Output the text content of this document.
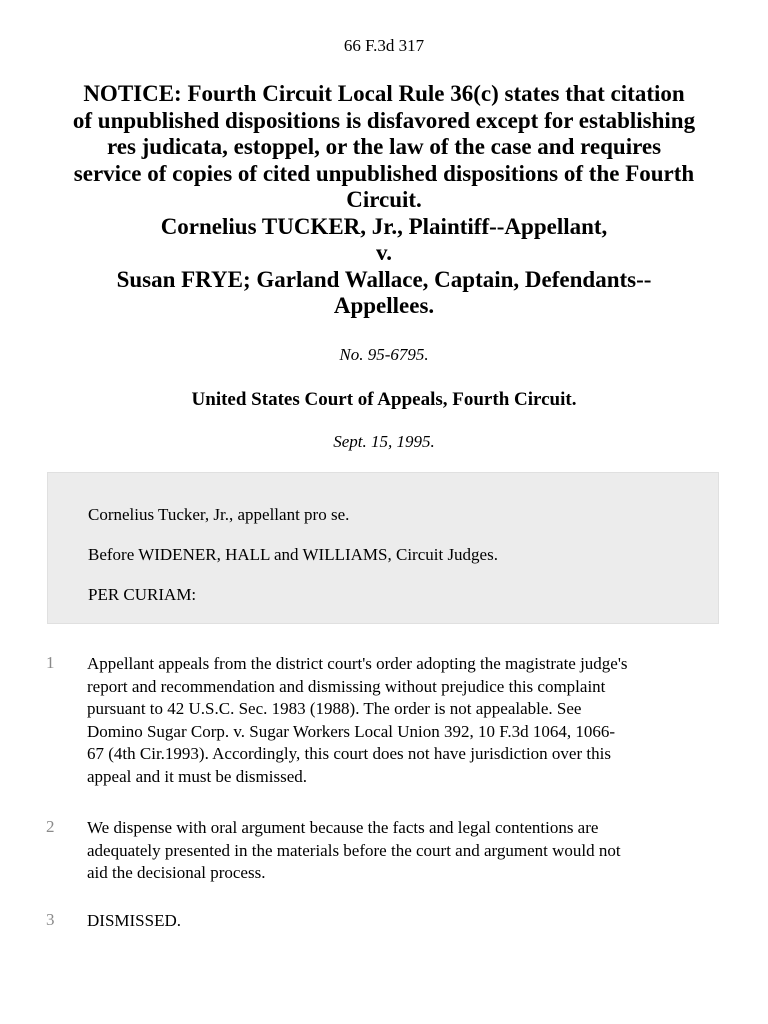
66 F.3d 317
NOTICE: Fourth Circuit Local Rule 36(c) states that citation
of unpublished dispositions is disfavored except for establishing
res judicata, estoppel, or the law of the case and requires
service of copies of cited unpublished dispositions of the Fourth
Circuit.
Cornelius TUCKER, Jr., Plaintiff--Appellant,
v.
Susan FRYE; Garland Wallace, Captain, Defendants--
Appellees.
No. 95-6795.
United States Court of Appeals, Fourth Circuit.
Sept. 15, 1995.
Cornelius Tucker, Jr., appellant pro se.
Before WIDENER, HALL and WILLIAMS, Circuit Judges.
PER CURIAM:
1 Appellant appeals from the district court's order adopting the magistrate judge's
report and recommendation and dismissing without prejudice this complaint
pursuant to 42 U.S.C. Sec. 1983 (1988). The order is not appealable. See
Domino Sugar Corp. v. Sugar Workers Local Union 392, 10 F.3d 1064, 1066-
67 (4th Cir.1993). Accordingly, this court does not have jurisdiction over this
appeal and it must be dismissed.
2 We dispense with oral argument because the facts and legal contentions are
adequately presented in the materials before the court and argument would not
aid the decisional process.
3 DISMISSED.
